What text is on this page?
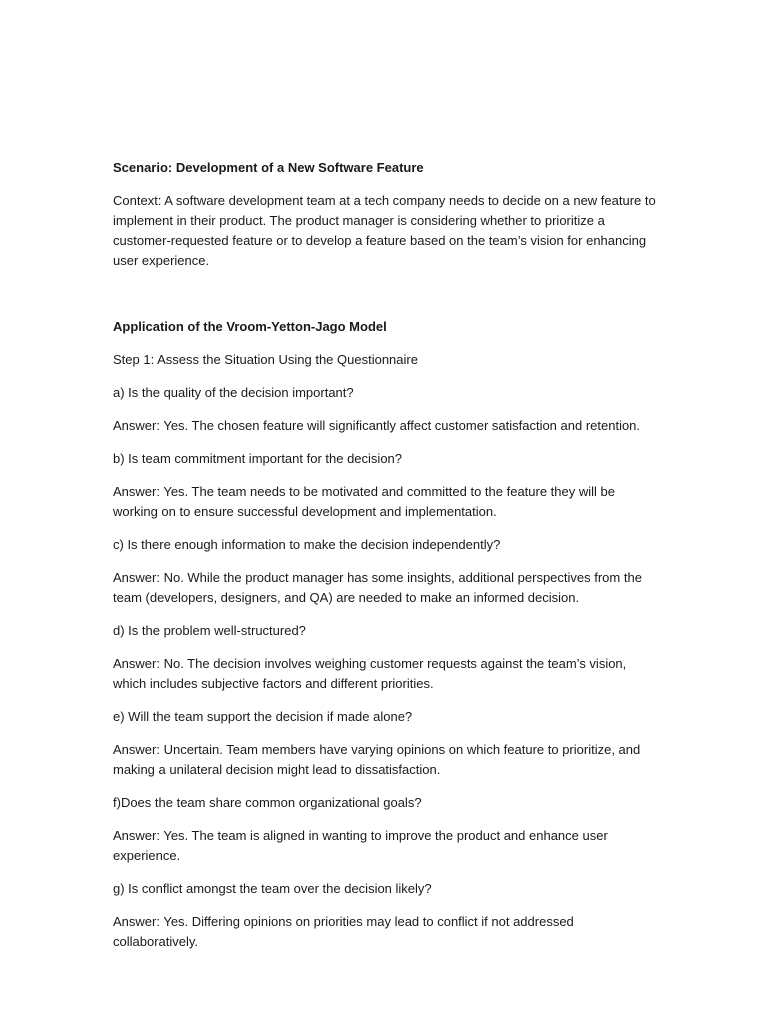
Scenario: Development of a New Software Feature

Context: A software development team at a tech company needs to decide on a new feature to implement in their product. The product manager is considering whether to prioritize a customer-requested feature or to develop a feature based on the team’s vision for enhancing user experience.

Application of the Vroom-Yetton-Jago Model

Step 1: Assess the Situation Using the Questionnaire

a) Is the quality of the decision important?

Answer: Yes. The chosen feature will significantly affect customer satisfaction and retention.

b) Is team commitment important for the decision?

Answer: Yes. The team needs to be motivated and committed to the feature they will be working on to ensure successful development and implementation.

c) Is there enough information to make the decision independently?

Answer: No. While the product manager has some insights, additional perspectives from the team (developers, designers, and QA) are needed to make an informed decision.

d) Is the problem well-structured?

Answer: No. The decision involves weighing customer requests against the team’s vision, which includes subjective factors and different priorities.

e) Will the team support the decision if made alone?

Answer: Uncertain. Team members have varying opinions on which feature to prioritize, and making a unilateral decision might lead to dissatisfaction.

f)Does the team share common organizational goals?

Answer: Yes. The team is aligned in wanting to improve the product and enhance user experience.

g) Is conflict amongst the team over the decision likely?

Answer: Yes. Differing opinions on priorities may lead to conflict if not addressed collaboratively.
